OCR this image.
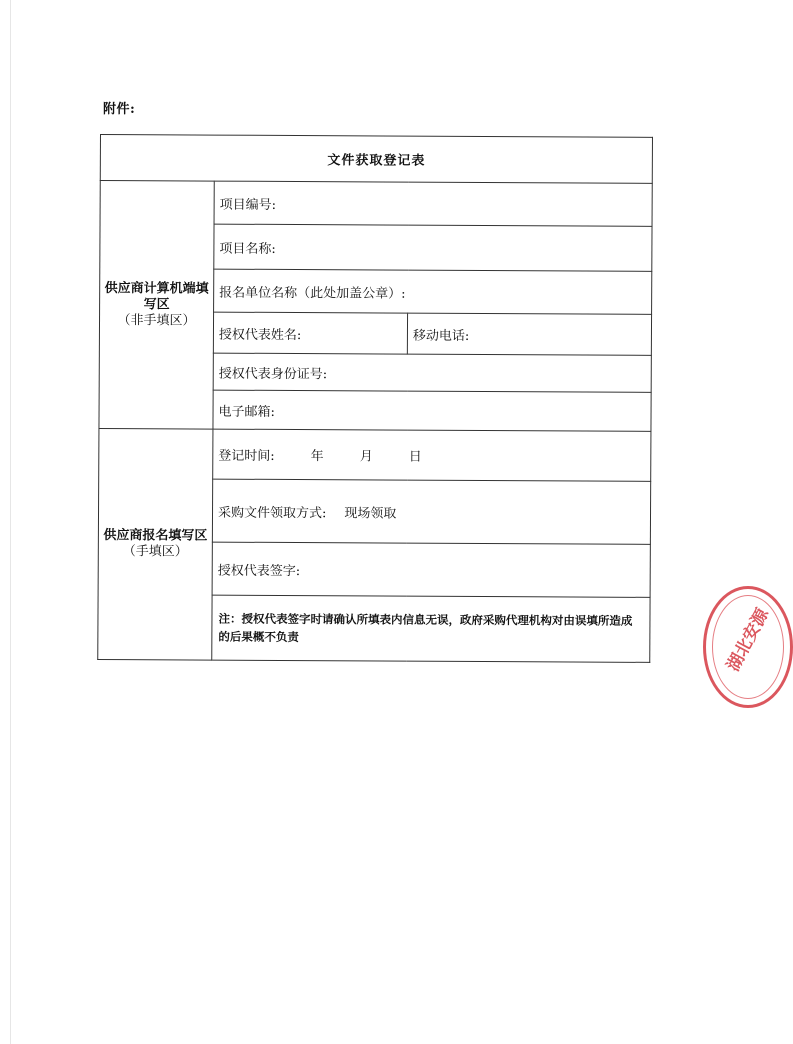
附件:
文件获取登记表		
供应商计算机端填写区
（非手填区）	项目编号:	
	项目名称:	
	报名单位名称（此处加盖公章）:	
	授权代表姓名:	移动电话:
	授权代表身份证号:	
	电子邮箱:	
供应商报名填写区
（手填区）	登记时间: 年 月 日	
	采购文件领取方式: 现场领取	
	授权代表签字:	
	注：授权代表签字时请确认所填表内信息无误，政府采购代理机构对由误填所造成的后果概不负责		湖北安源
